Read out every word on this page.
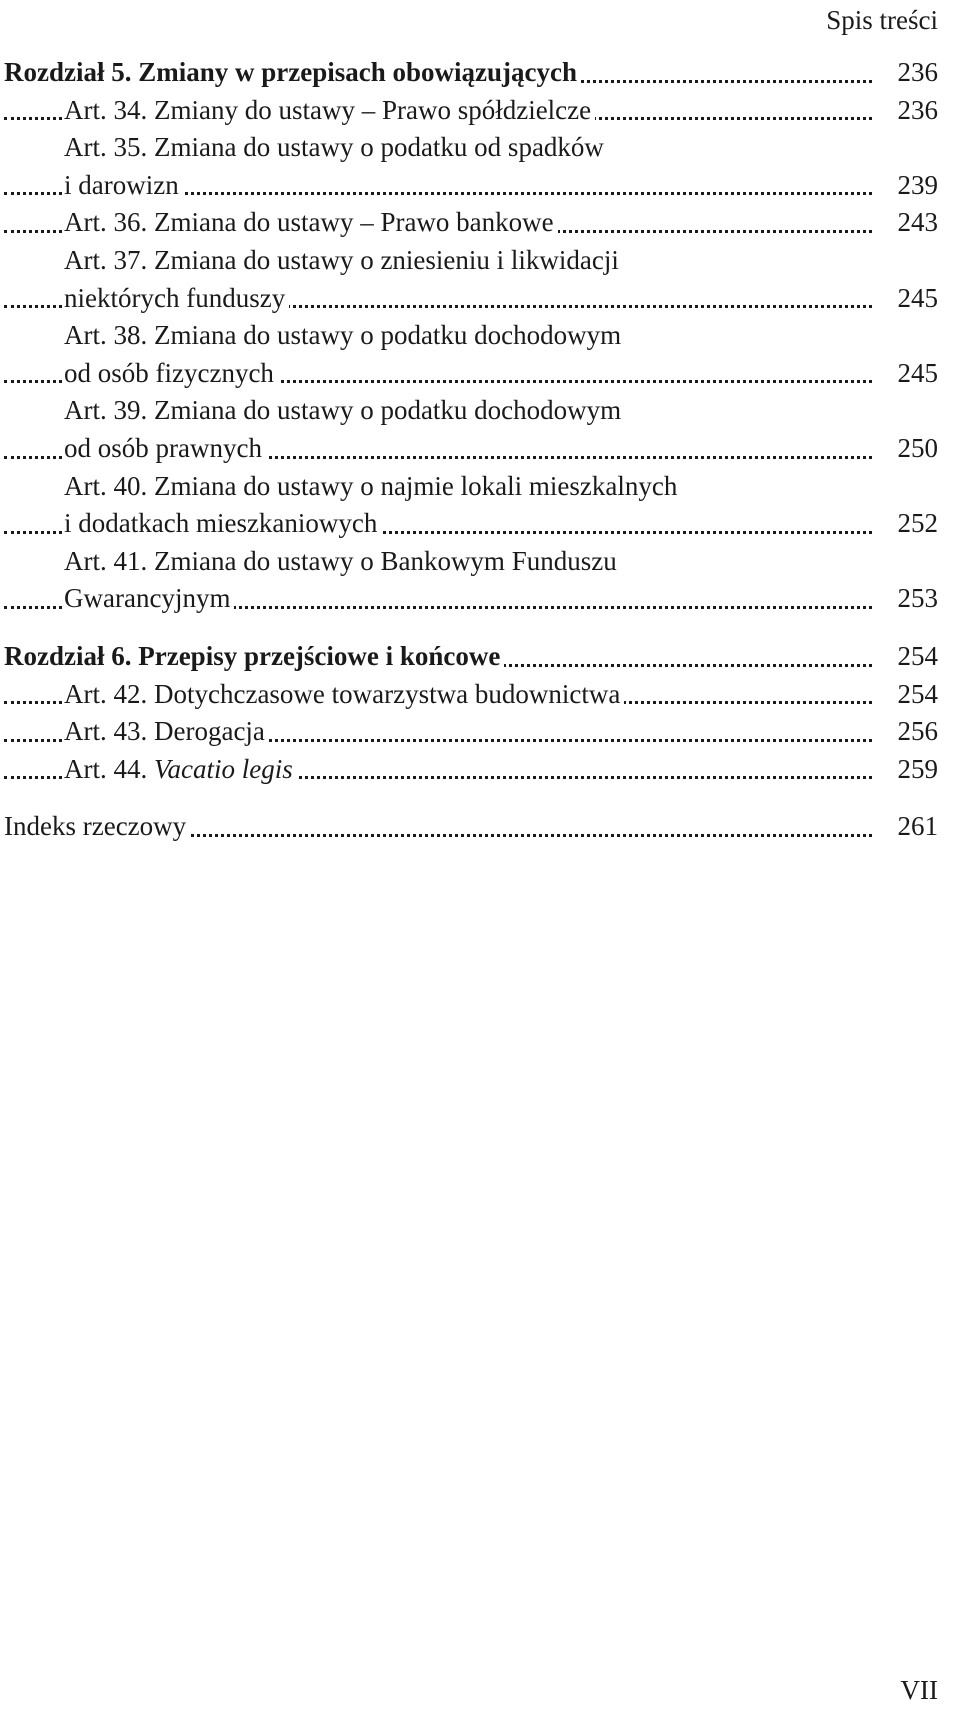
Spis treści
Rozdział 5. Zmiany w przepisach obowiązujących	236
Art. 34. Zmiany do ustawy – Prawo spółdzielcze	236
Art. 35. Zmiana do ustawy o podatku od spadków
i darowizn	239
Art. 36. Zmiana do ustawy – Prawo bankowe	243
Art. 37. Zmiana do ustawy o zniesieniu i likwidacji
niektórych funduszy	245
Art. 38. Zmiana do ustawy o podatku dochodowym
od osób fizycznych	245
Art. 39. Zmiana do ustawy o podatku dochodowym
od osób prawnych	250
Art. 40. Zmiana do ustawy o najmie lokali mieszkalnych
i dodatkach mieszkaniowych	252
Art. 41. Zmiana do ustawy o Bankowym Funduszu
Gwarancyjnym	253
Rozdział 6. Przepisy przejściowe i końcowe	254
Art. 42. Dotychczasowe towarzystwa budownictwa	254
Art. 43. Derogacja	256
Art. 44. Vacatio legis	259
Indeks rzeczowy	261
VII
